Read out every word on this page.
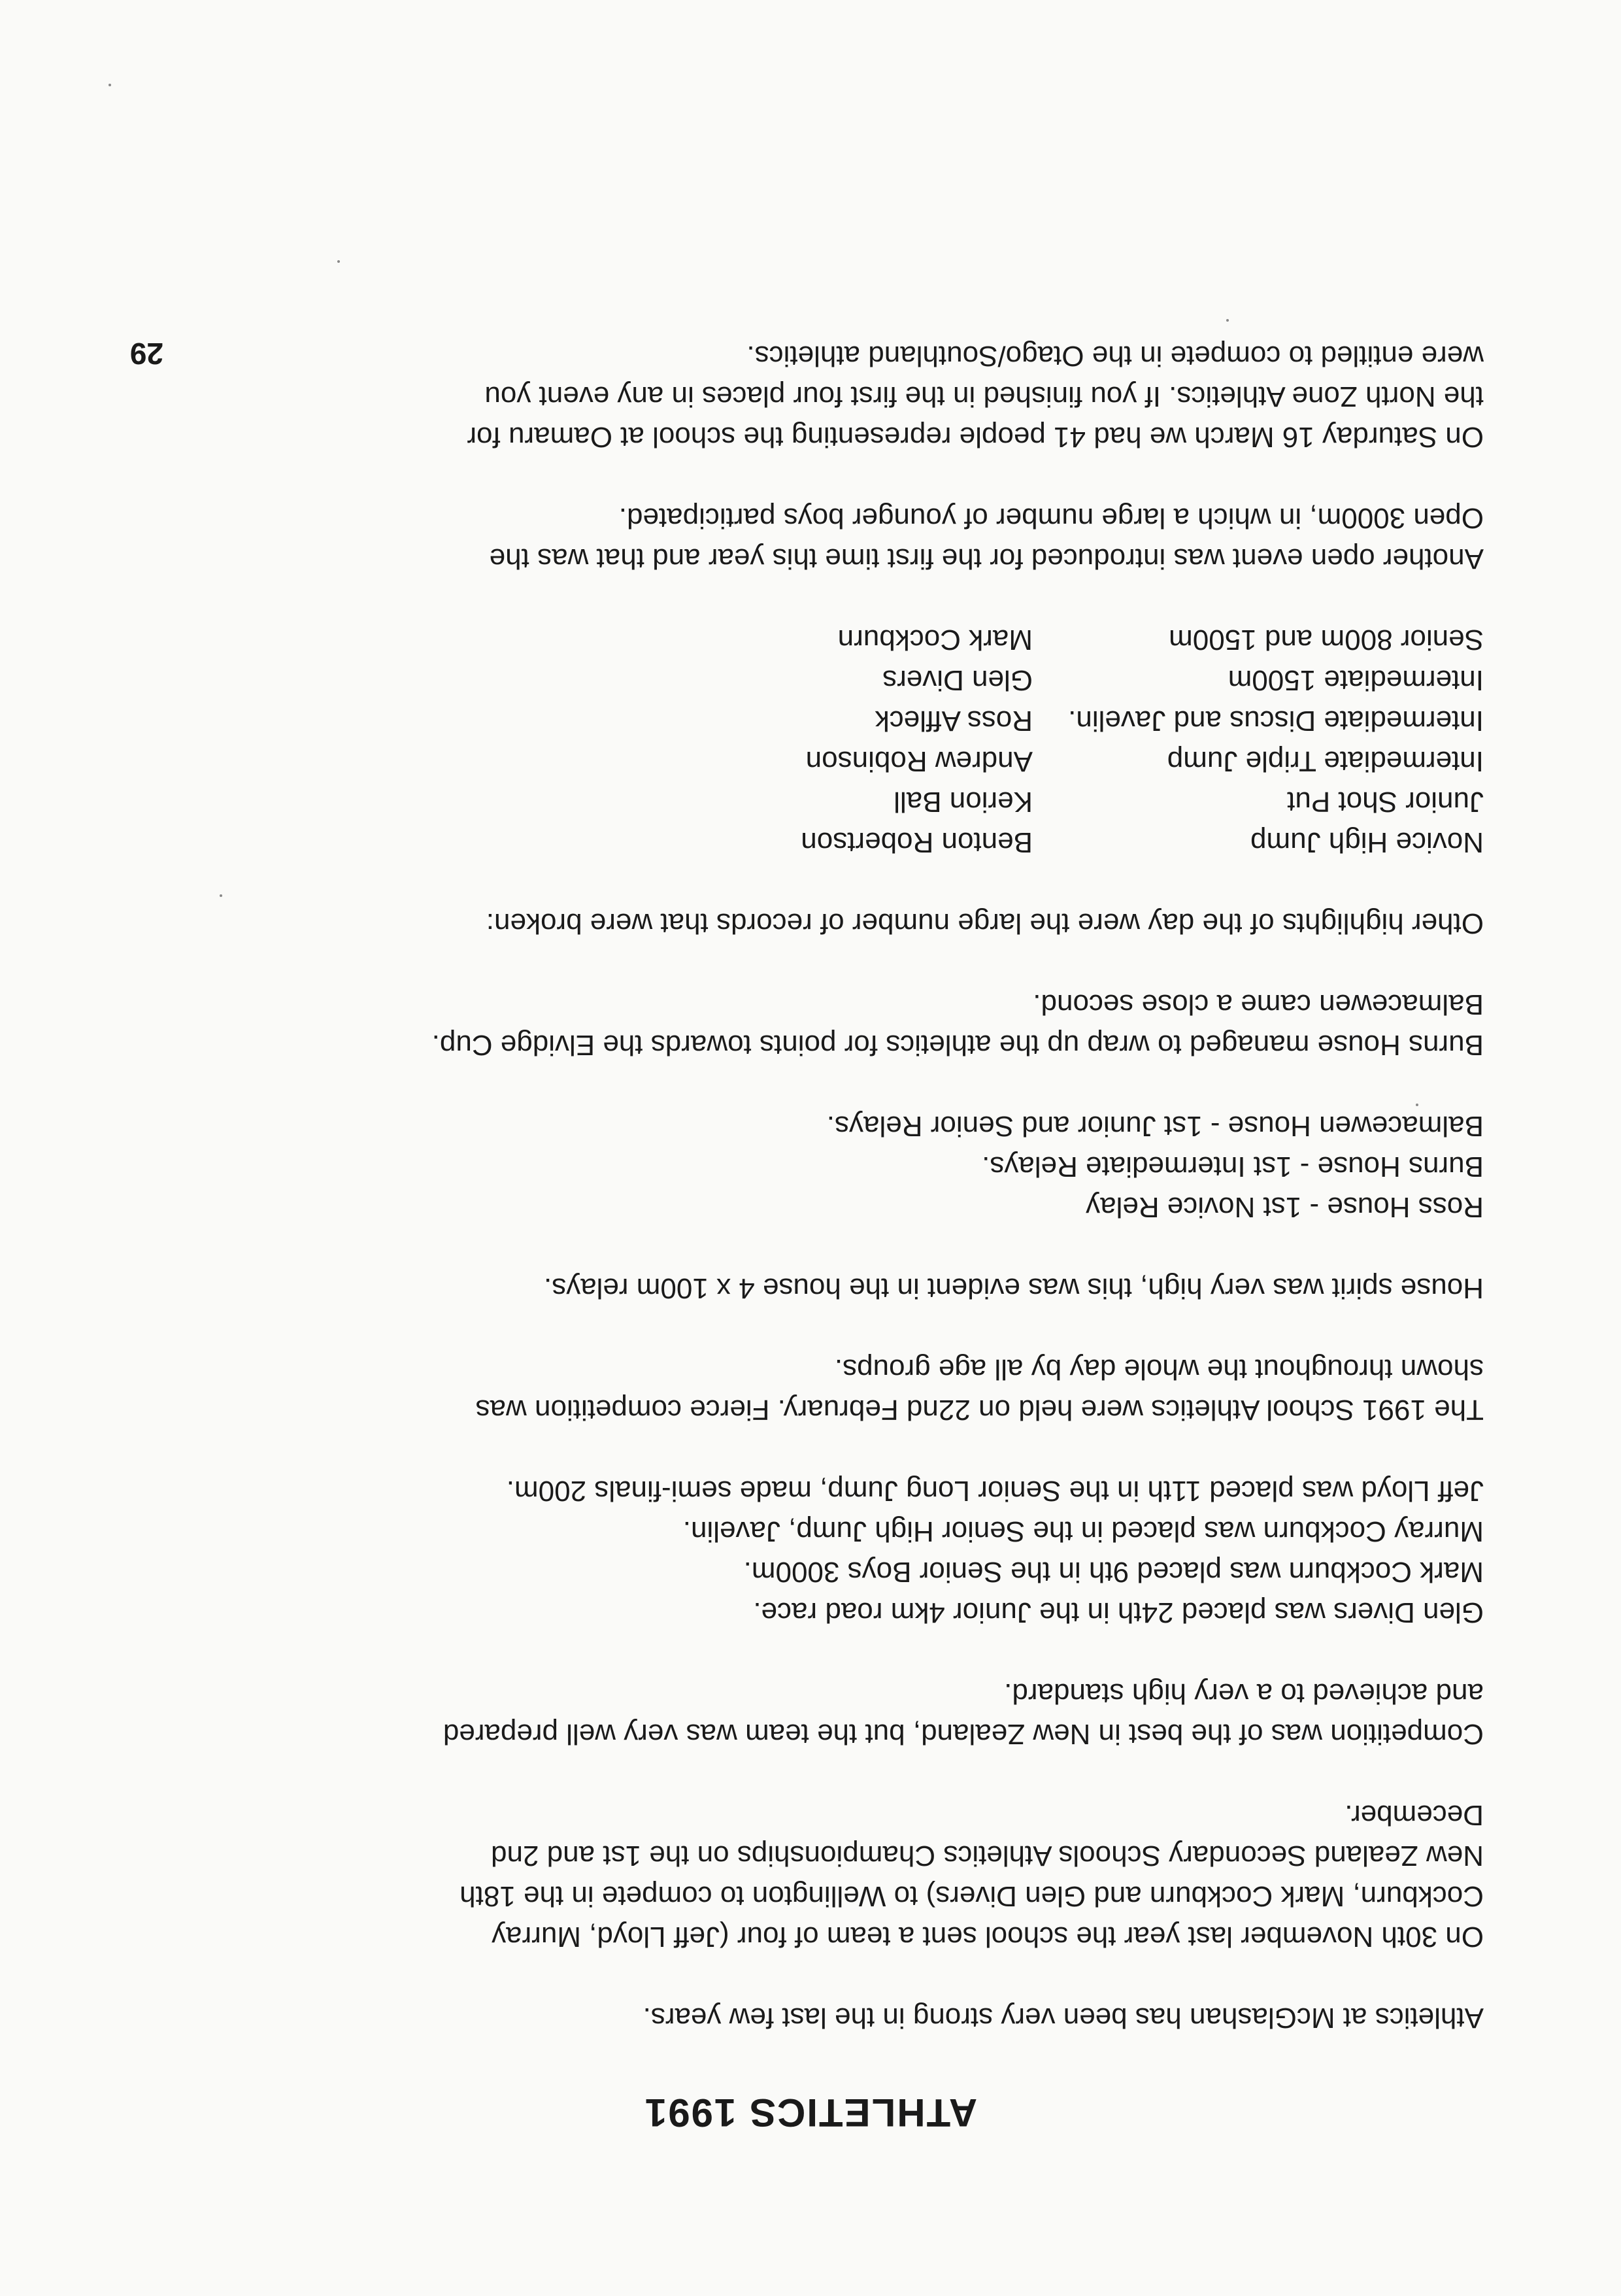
ATHLETICS 1991

Athletics at McGlashan has been very strong in the last few years.

On 30th November last year the school sent a team of four (Jeff Lloyd, Murray
Cockburn, Mark Cockburn and Glen Divers) to Wellington to compete in the 18th
New Zealand Secondary Schools Athletics Championships on the 1st and 2nd
December.

Competition was of the best in New Zealand, but the team was very well prepared
and achieved to a very high standard.

Glen Divers was placed 24th in the Junior 4km road race.
Mark Cockburn was placed 9th in the Senior Boys 3000m.
Murray Cockburn was placed in the Senior High Jump, Javelin.
Jeff Lloyd was placed 11th in the Senior Long Jump, made semi-finals 200m.

The 1991 School Athletics were held on 22nd February. Fierce competition was
shown throughout the whole day by all age groups.

House spirit was very high, this was evident in the house 4 x 100m relays.

Ross House - 1st Novice Relay
Burns House - 1st Intermediate Relays.
Balmacewen House - 1st Junior and Senior Relays.

Burns House managed to wrap up the athletics for points towards the Elvidge Cup.
Balmacewen came a close second.

Other highlights of the day were the large number of records that were broken:

Novice High Jump	Benton Robertson
Junior Shot Put	Kerion Ball
Intermediate Triple Jump	Andrew Robinson
Intermediate Discus and Javelin.	Ross Affleck
Intermediate 1500m	Glen Divers
Senior 800m and 1500m	Mark Cockburn

Another open event was introduced for the first time this year and that was the
Open 3000m, in which a large number of younger boys participated.

On Saturday 16 March we had 41 people representing the school at Oamaru for
the North Zone Athletics. If you finished in the first four places in any event you
were entitled to compete in the Otago/Southland athletics.

29
